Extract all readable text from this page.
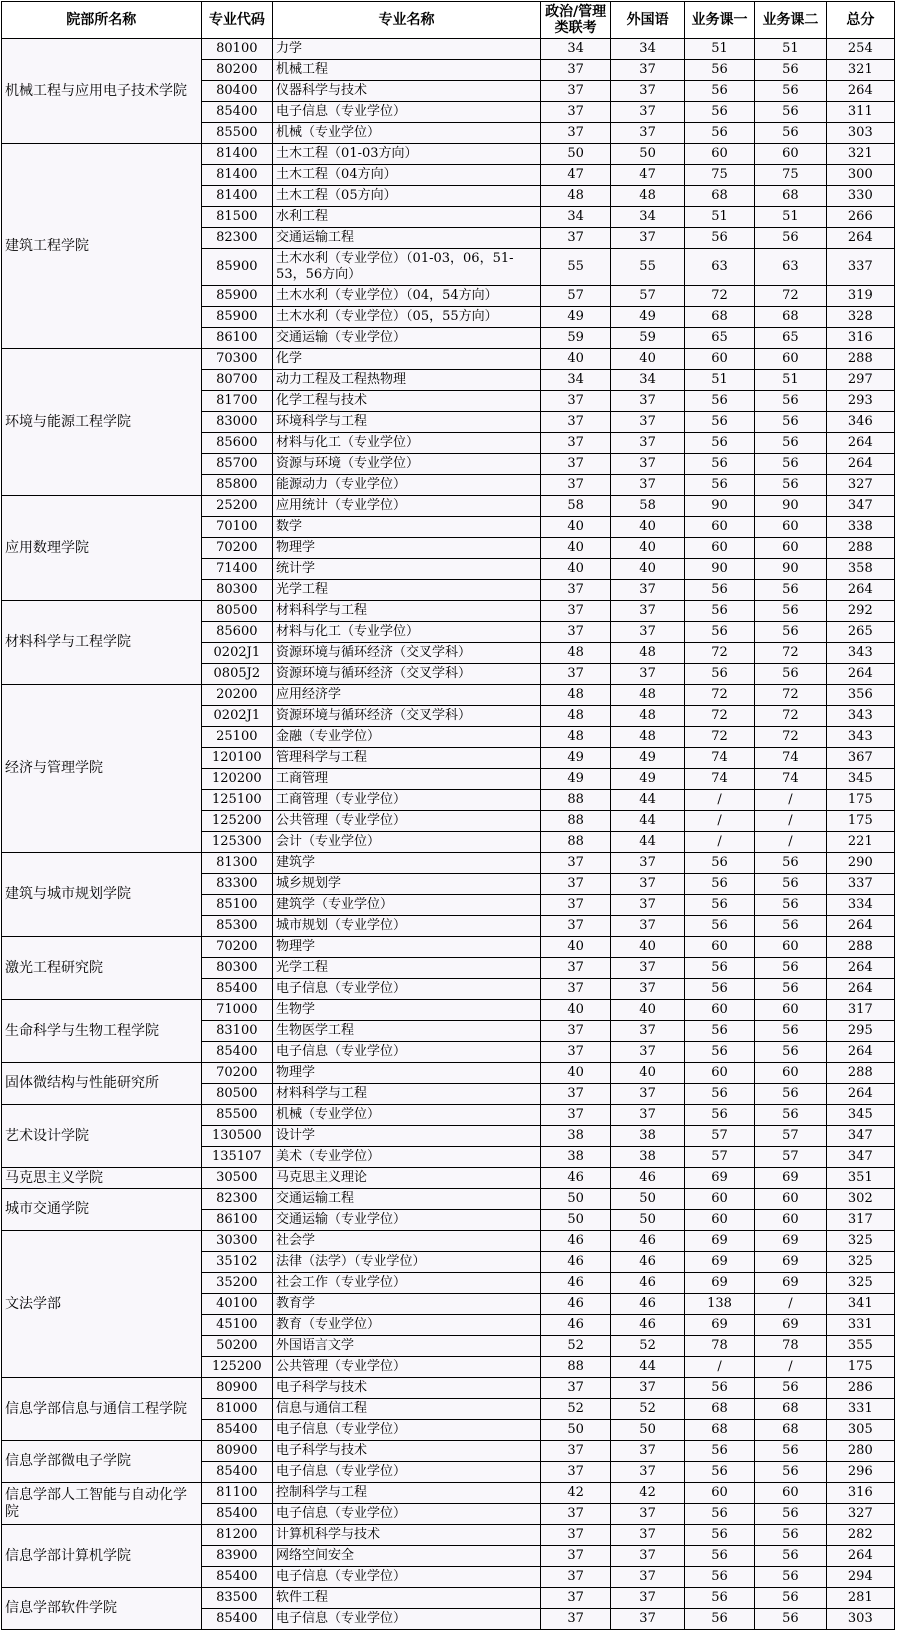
院部所名称	专业代码	专业名称	政治/管理类联考	外国语	业务课一	业务课二	总分
机械工程与应用电子技术学院	80100	力学	34	34	51	51	254
	80200	机械工程	37	37	56	56	321
	80400	仪器科学与技术	37	37	56	56	264
	85400	电子信息（专业学位）	37	37	56	56	311
	85500	机械（专业学位）	37	37	56	56	303
建筑工程学院	81400	土木工程（01-03方向）	50	50	60	60	321
	81400	土木工程（04方向）	47	47	75	75	300
	81400	土木工程（05方向）	48	48	68	68	330
	81500	水利工程	34	34	51	51	266
	82300	交通运输工程	37	37	56	56	264
	85900	土木水利（专业学位）（01-03，06，51-53，56方向）	55	55	63	63	337
	85900	土木水利（专业学位）（04，54方向）	57	57	72	72	319
	85900	土木水利（专业学位）（05，55方向）	49	49	68	68	328
	86100	交通运输（专业学位）	59	59	65	65	316
环境与能源工程学院	70300	化学	40	40	60	60	288
	80700	动力工程及工程热物理	34	34	51	51	297
	81700	化学工程与技术	37	37	56	56	293
	83000	环境科学与工程	37	37	56	56	346
	85600	材料与化工（专业学位）	37	37	56	56	264
	85700	资源与环境（专业学位）	37	37	56	56	264
	85800	能源动力（专业学位）	37	37	56	56	327
应用数理学院	25200	应用统计（专业学位）	58	58	90	90	347
	70100	数学	40	40	60	60	338
	70200	物理学	40	40	60	60	288
	71400	统计学	40	40	90	90	358
	80300	光学工程	37	37	56	56	264
材料科学与工程学院	80500	材料科学与工程	37	37	56	56	292
	85600	材料与化工（专业学位）	37	37	56	56	265
	0202J1	资源环境与循环经济（交叉学科）	48	48	72	72	343
	0805J2	资源环境与循环经济（交叉学科）	37	37	56	56	264
经济与管理学院	20200	应用经济学	48	48	72	72	356
	0202J1	资源环境与循环经济（交叉学科）	48	48	72	72	343
	25100	金融（专业学位）	48	48	72	72	343
	120100	管理科学与工程	49	49	74	74	367
	120200	工商管理	49	49	74	74	345
	125100	工商管理（专业学位）	88	44	/	/	175
	125200	公共管理（专业学位）	88	44	/	/	175
	125300	会计（专业学位）	88	44	/	/	221
建筑与城市规划学院	81300	建筑学	37	37	56	56	290
	83300	城乡规划学	37	37	56	56	337
	85100	建筑学（专业学位）	37	37	56	56	334
	85300	城市规划（专业学位）	37	37	56	56	264
激光工程研究院	70200	物理学	40	40	60	60	288
	80300	光学工程	37	37	56	56	264
	85400	电子信息（专业学位）	37	37	56	56	264
生命科学与生物工程学院	71000	生物学	40	40	60	60	317
	83100	生物医学工程	37	37	56	56	295
	85400	电子信息（专业学位）	37	37	56	56	264
固体微结构与性能研究所	70200	物理学	40	40	60	60	288
	80500	材料科学与工程	37	37	56	56	264
艺术设计学院	85500	机械（专业学位）	37	37	56	56	345
	130500	设计学	38	38	57	57	347
	135107	美术（专业学位）	38	38	57	57	347
马克思主义学院	30500	马克思主义理论	46	46	69	69	351
城市交通学院	82300	交通运输工程	50	50	60	60	302
	86100	交通运输（专业学位）	50	50	60	60	317
文法学部	30300	社会学	46	46	69	69	325
	35102	法律（法学）（专业学位）	46	46	69	69	325
	35200	社会工作（专业学位）	46	46	69	69	325
	40100	教育学	46	46	138	/	341
	45100	教育（专业学位）	46	46	69	69	331
	50200	外国语言文学	52	52	78	78	355
	125200	公共管理（专业学位）	88	44	/	/	175
信息学部信息与通信工程学院	80900	电子科学与技术	37	37	56	56	286
	81000	信息与通信工程	52	52	68	68	331
	85400	电子信息（专业学位）	50	50	68	68	305
信息学部微电子学院	80900	电子科学与技术	37	37	56	56	280
	85400	电子信息（专业学位）	37	37	56	56	296
信息学部人工智能与自动化学院	81100	控制科学与工程	42	42	60	60	316
	85400	电子信息（专业学位）	37	37	56	56	327
信息学部计算机学院	81200	计算机科学与技术	37	37	56	56	282
	83900	网络空间安全	37	37	56	56	264
	85400	电子信息（专业学位）	37	37	56	56	294
信息学部软件学院	83500	软件工程	37	37	56	56	281
	85400	电子信息（专业学位）	37	37	56	56	303
